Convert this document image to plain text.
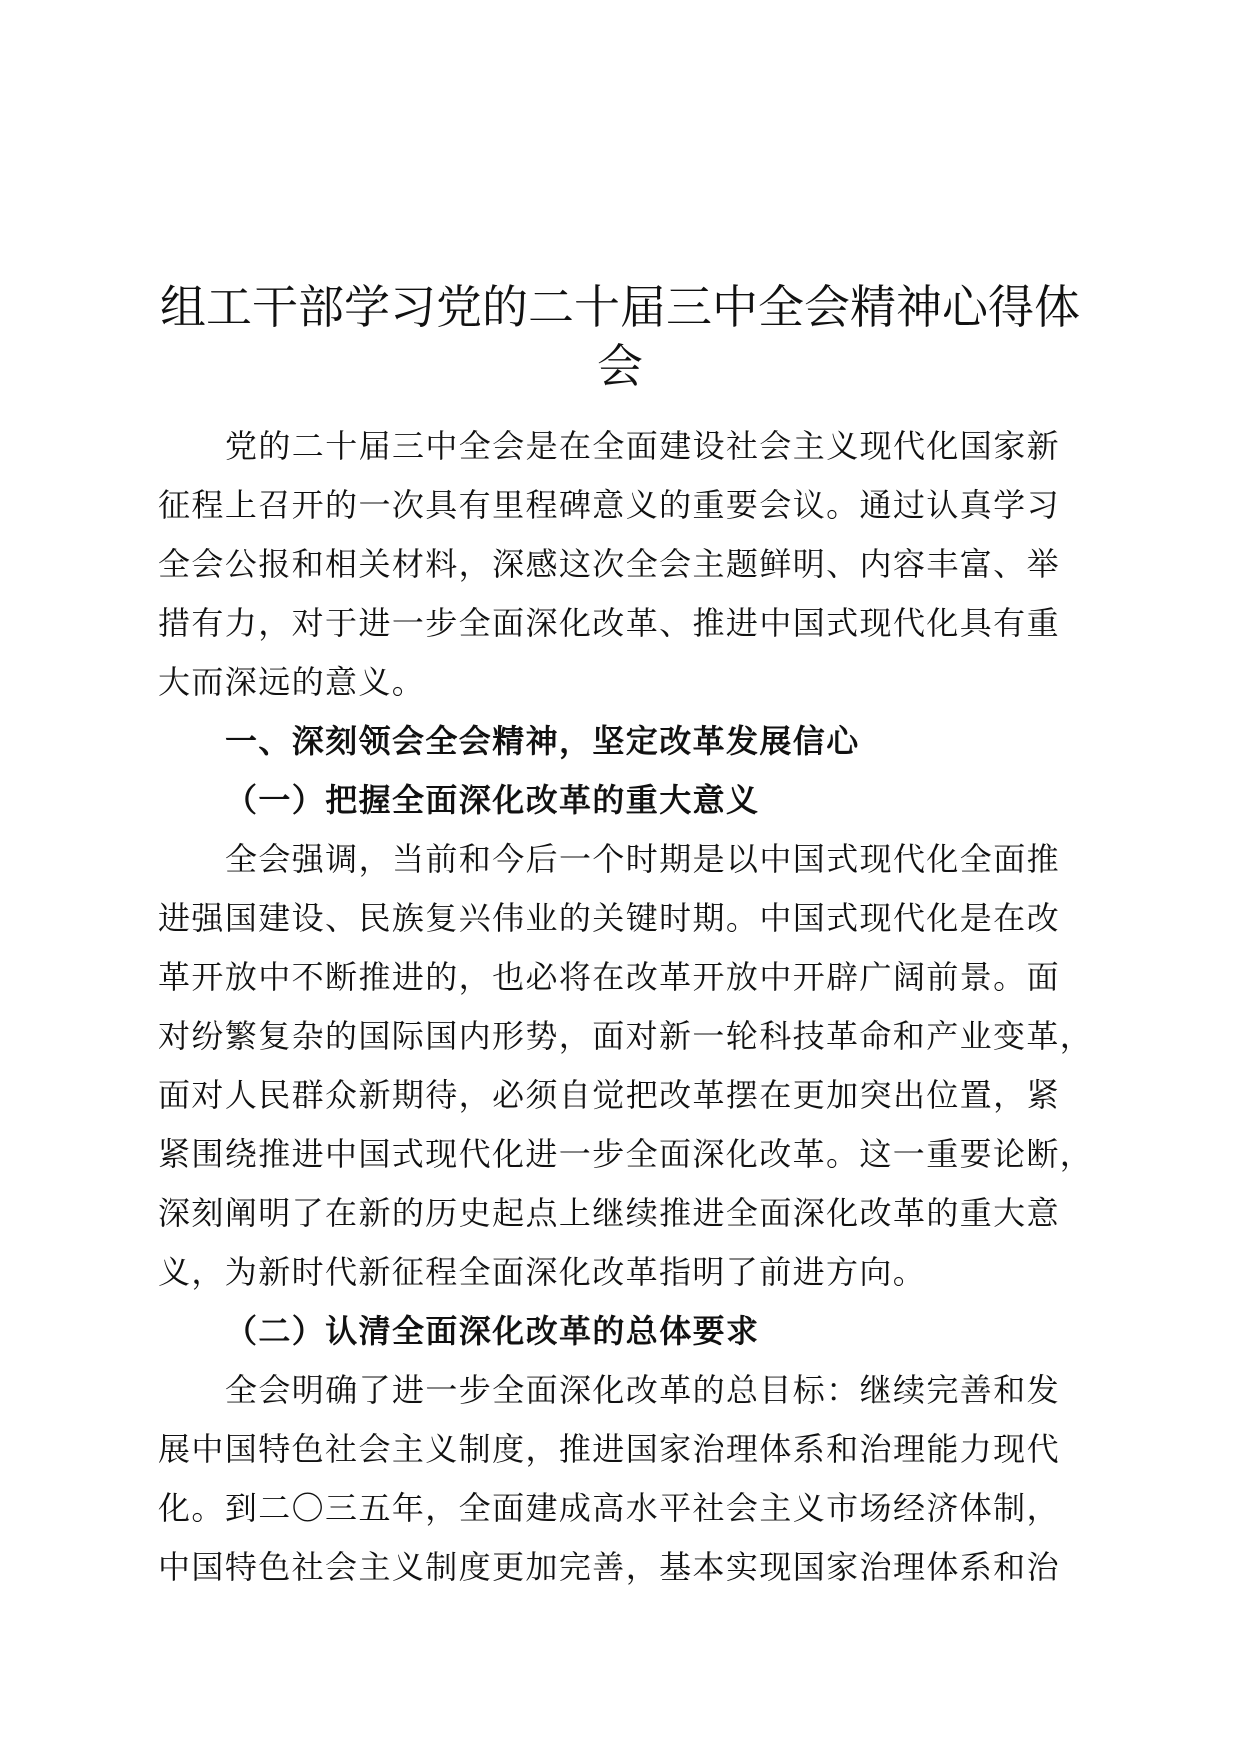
组工干部学习党的二十届三中全会精神心得体会
党的二十届三中全会是在全面建设社会主义现代化国家新
征程上召开的一次具有里程碑意义的重要会议。通过认真学习
全会公报和相关材料，深感这次全会主题鲜明、内容丰富、举
措有力，对于进一步全面深化改革、推进中国式现代化具有重
大而深远的意义。
一、深刻领会全会精神，坚定改革发展信心
（一）把握全面深化改革的重大意义
全会强调，当前和今后一个时期是以中国式现代化全面推
进强国建设、民族复兴伟业的关键时期。中国式现代化是在改
革开放中不断推进的，也必将在改革开放中开辟广阔前景。面
对纷繁复杂的国际国内形势，面对新一轮科技革命和产业变革，
面对人民群众新期待，必须自觉把改革摆在更加突出位置，紧
紧围绕推进中国式现代化进一步全面深化改革。这一重要论断，
深刻阐明了在新的历史起点上继续推进全面深化改革的重大意
义，为新时代新征程全面深化改革指明了前进方向。
（二）认清全面深化改革的总体要求
全会明确了进一步全面深化改革的总目标：继续完善和发
展中国特色社会主义制度，推进国家治理体系和治理能力现代
化。到二〇三五年，全面建成高水平社会主义市场经济体制，
中国特色社会主义制度更加完善，基本实现国家治理体系和治
